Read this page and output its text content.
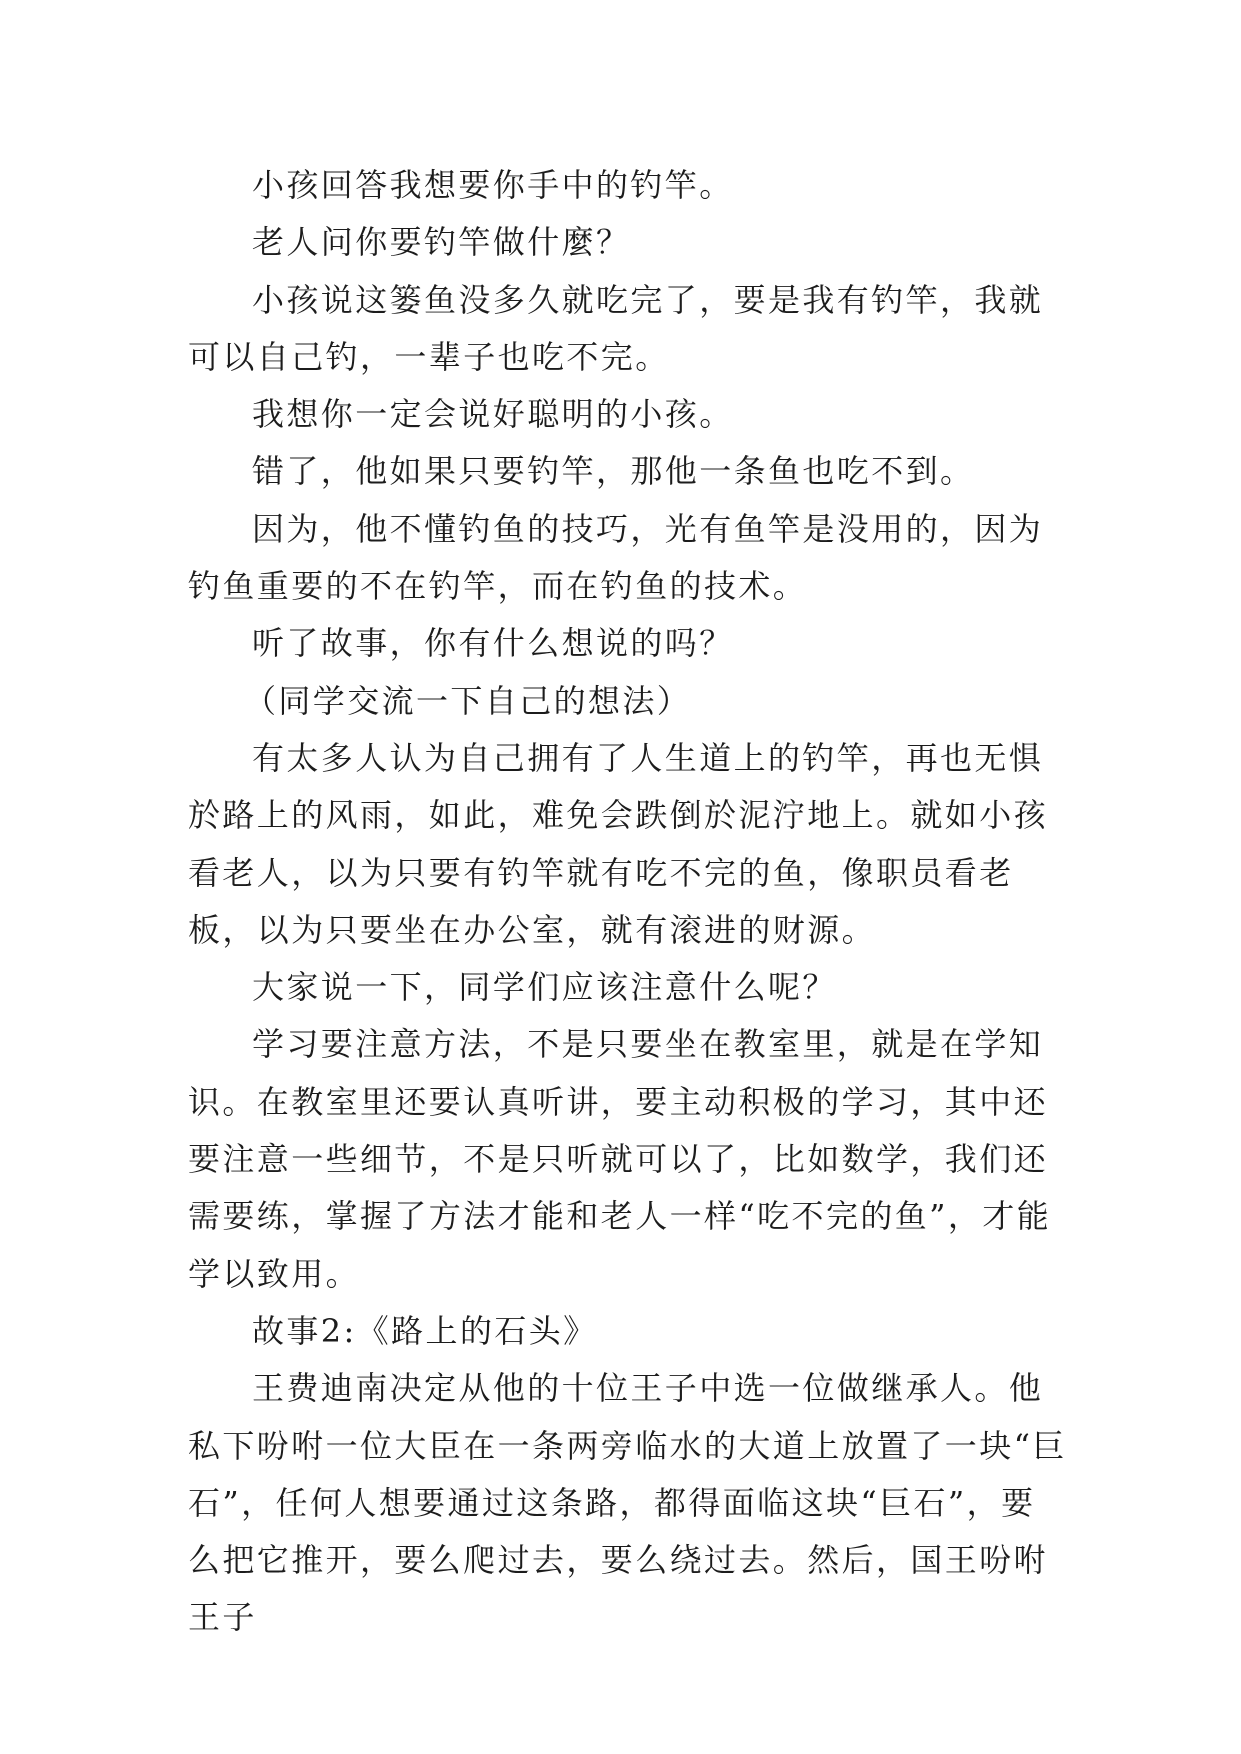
小孩回答我想要你手中的钓竿。

老人问你要钓竿做什麼？

小孩说这篓鱼没多久就吃完了，要是我有钓竿，我就可以自己钓，一辈子也吃不完。

我想你一定会说好聪明的小孩。

错了，他如果只要钓竿，那他一条鱼也吃不到。

因为，他不懂钓鱼的技巧，光有鱼竿是没用的，因为钓鱼重要的不在钓竿，而在钓鱼的技术。

听了故事，你有什么想说的吗？

（同学交流一下自己的想法）

有太多人认为自己拥有了人生道上的钓竿，再也无惧於路上的风雨，如此，难免会跌倒於泥泞地上。就如小孩看老人，以为只要有钓竿就有吃不完的鱼，像职员看老板，以为只要坐在办公室，就有滚进的财源。

大家说一下，同学们应该注意什么呢？

学习要注意方法，不是只要坐在教室里，就是在学知识。在教室里还要认真听讲，要主动积极的学习，其中还要注意一些细节，不是只听就可以了，比如数学，我们还需要练，掌握了方法才能和老人一样“吃不完的鱼”，才能学以致用。

故事2:《路上的石头》

王费迪南决定从他的十位王子中选一位做继承人。他私下吩咐一位大臣在一条两旁临水的大道上放置了一块“巨石”，任何人想要通过这条路，都得面临这块“巨石”，要么把它推开，要么爬过去，要么绕过去。然后，国王吩咐王子
